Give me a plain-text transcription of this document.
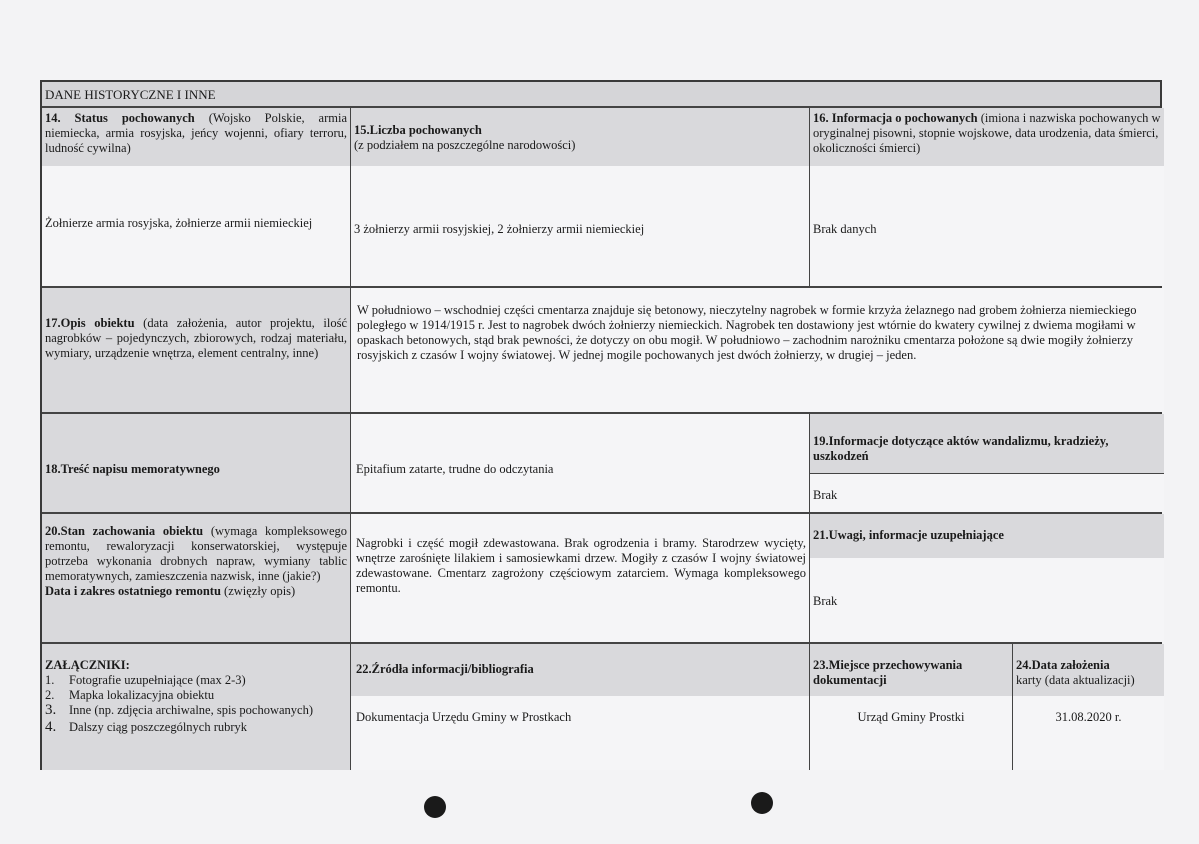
DANE HISTORYCZNE I INNE
14. Status pochowanych (Wojsko Polskie, armia niemiecka, armia rosyjska, jeńcy wojenni, ofiary terroru, ludność cywilna)
Żołnierze armia rosyjska, żołnierze armii niemieckiej
15.Liczba pochowanych
(z podziałem na poszczególne narodowości)
3 żołnierzy armii rosyjskiej, 2 żołnierzy armii niemieckiej
16. Informacja o pochowanych (imiona i nazwiska pochowanych w oryginalnej pisowni, stopnie wojskowe, data urodzenia, data śmierci, okoliczności śmierci)
Brak danych
17.Opis obiektu (data założenia, autor projektu, ilość nagrobków – pojedynczych, zbiorowych, rodzaj materiału, wymiary, urządzenie wnętrza, element centralny, inne)
W południowo – wschodniej części cmentarza znajduje się betonowy, nieczytelny nagrobek w formie krzyża żelaznego nad grobem żołnierza niemieckiego poległego w 1914/1915 r. Jest to nagrobek dwóch żołnierzy niemieckich. Nagrobek ten dostawiony jest wtórnie do kwatery cywilnej z dwiema mogiłami w opaskach betonowych, stąd brak pewności, że dotyczy on obu mogił. W południowo – zachodnim narożniku cmentarza położone są dwie mogiły żołnierzy rosyjskich z czasów I wojny światowej. W jednej mogile pochowanych jest dwóch żołnierzy, w drugiej – jeden.
18.Treść napisu memoratywnego	Epitafium zatarte, trudne do odczytania
19.Informacje dotyczące aktów wandalizmu, kradzieży, uszkodzeń
Brak
20.Stan zachowania obiektu (wymaga kompleksowego remontu, rewaloryzacji konserwatorskiej, występuje potrzeba wykonania drobnych napraw, wymiany tablic memoratywnych, zamieszczenia nazwisk, inne (jakie?)
Data i zakres ostatniego remontu (zwięzły opis)
Nagrobki i część mogił zdewastowana. Brak ogrodzenia i bramy. Starodrzew wycięty, wnętrze zarośnięte lilakiem i samosiewkami drzew. Mogiły z czasów I wojny światowej zdewastowane. Cmentarz zagrożony częściowym zatarciem. Wymaga kompleksowego remontu.
21.Uwagi, informacje uzupełniające
Brak
ZAŁĄCZNIKI:
1.	Fotografie uzupełniające (max 2-3)
2.	Mapka lokalizacyjna obiektu
3.	Inne (np. zdjęcia archiwalne, spis pochowanych)
4.	Dalszy ciąg poszczególnych rubryk
22.Źródła informacji/bibliografia
Dokumentacja Urzędu Gminy w Prostkach
23.Miejsce przechowywania dokumentacji
Urząd Gminy Prostki
24.Data założenia
karty (data aktualizacji)
31.08.2020 r.
